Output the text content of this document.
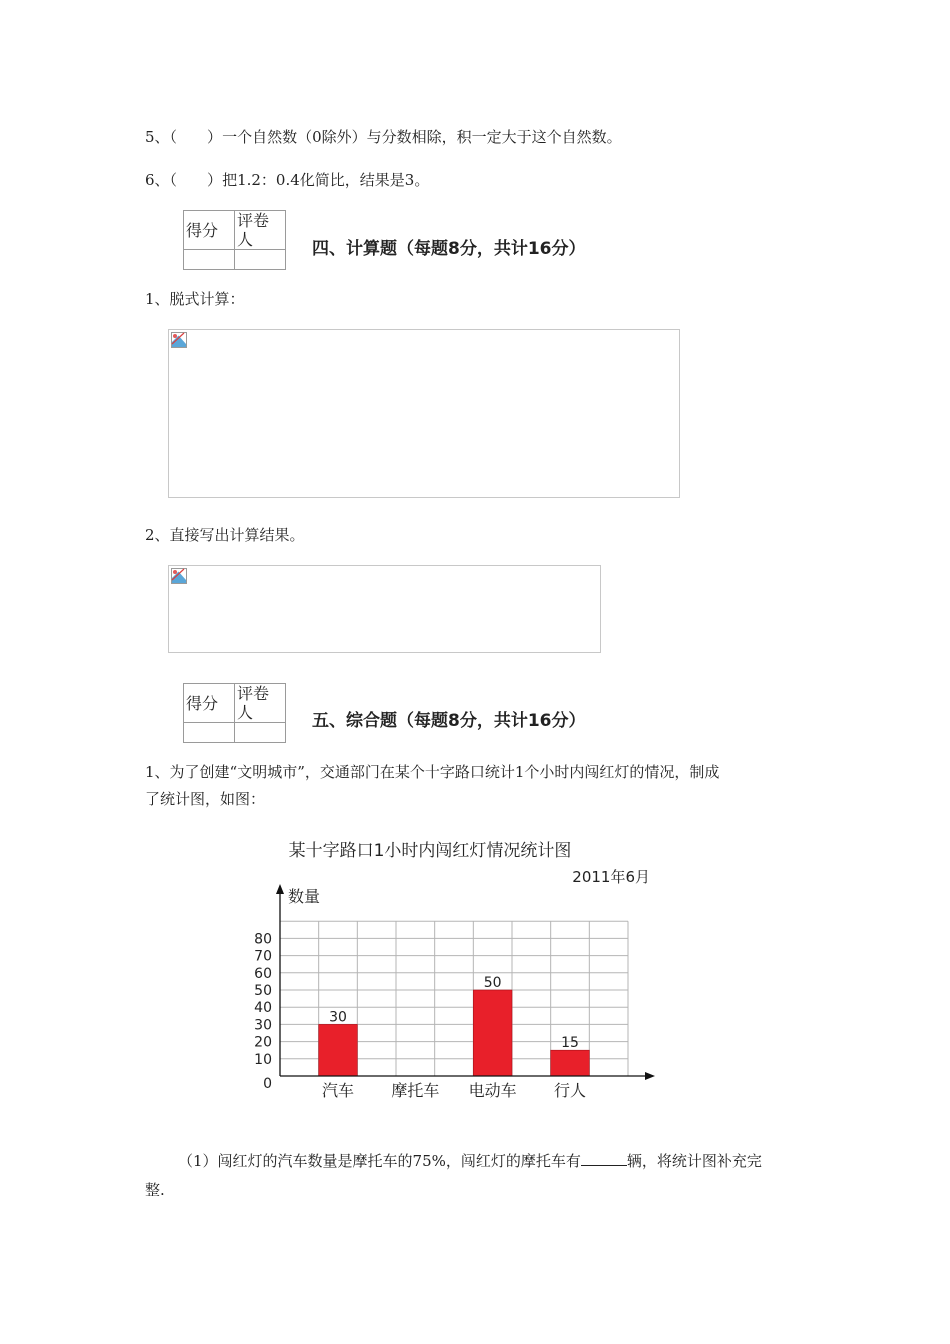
5、（　　）一个自然数（0除外）与分数相除，积一定大于这个自然数。
6、（　　）把1.2：0.4化简比，结果是3。
得分	评卷人
		四、计算题（每题8分，共计16分）
1、脱式计算：
2、直接写出计算结果。
得分	评卷人
		五、综合题（每题8分，共计16分）
1、为了创建“文明城市”，交通部门在某个十字路口统计1个小时内闯红灯的情况，制成
了统计图，如图：
某十字路口1小时内闯红灯情况统计图
2011年6月
数量
30
汽车 摩托车
50
电动车
15
行人
0
10
20
30
40
50
60
70
80
（1）闯红灯的汽车数量是摩托车的75%，闯红灯的摩托车有	辆，将统计图补充完
整.
